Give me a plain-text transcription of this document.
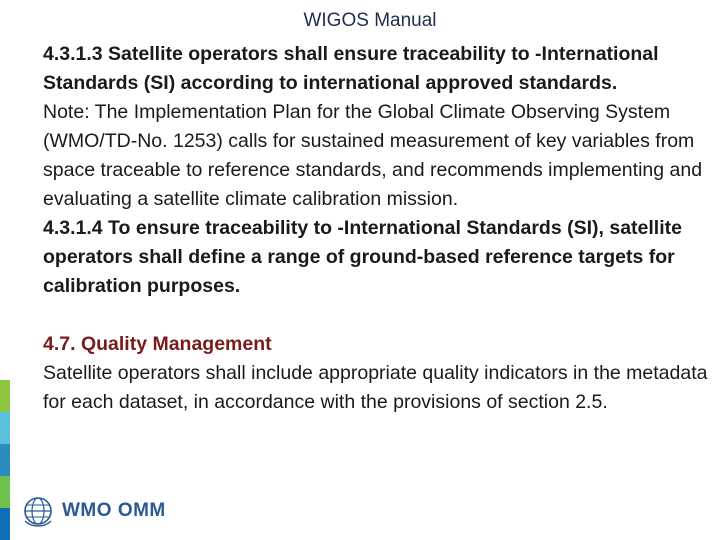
WIGOS Manual

4.3.1.3 Satellite operators shall ensure traceability to -International Standards (SI) according to international approved standards.

Note: The Implementation Plan for the Global Climate Observing System (WMO/TD-No. 1253) calls for sustained measurement of key variables from space traceable to reference standards, and recommends implementing and evaluating a satellite climate calibration mission.

4.3.1.4 To ensure traceability to -International Standards (SI), satellite operators shall define a range of ground-based reference targets for calibration purposes.

4.7. Quality Management

Satellite operators shall include appropriate quality indicators in the metadata for each dataset, in accordance with the provisions of section 2.5.

WMO OMM
